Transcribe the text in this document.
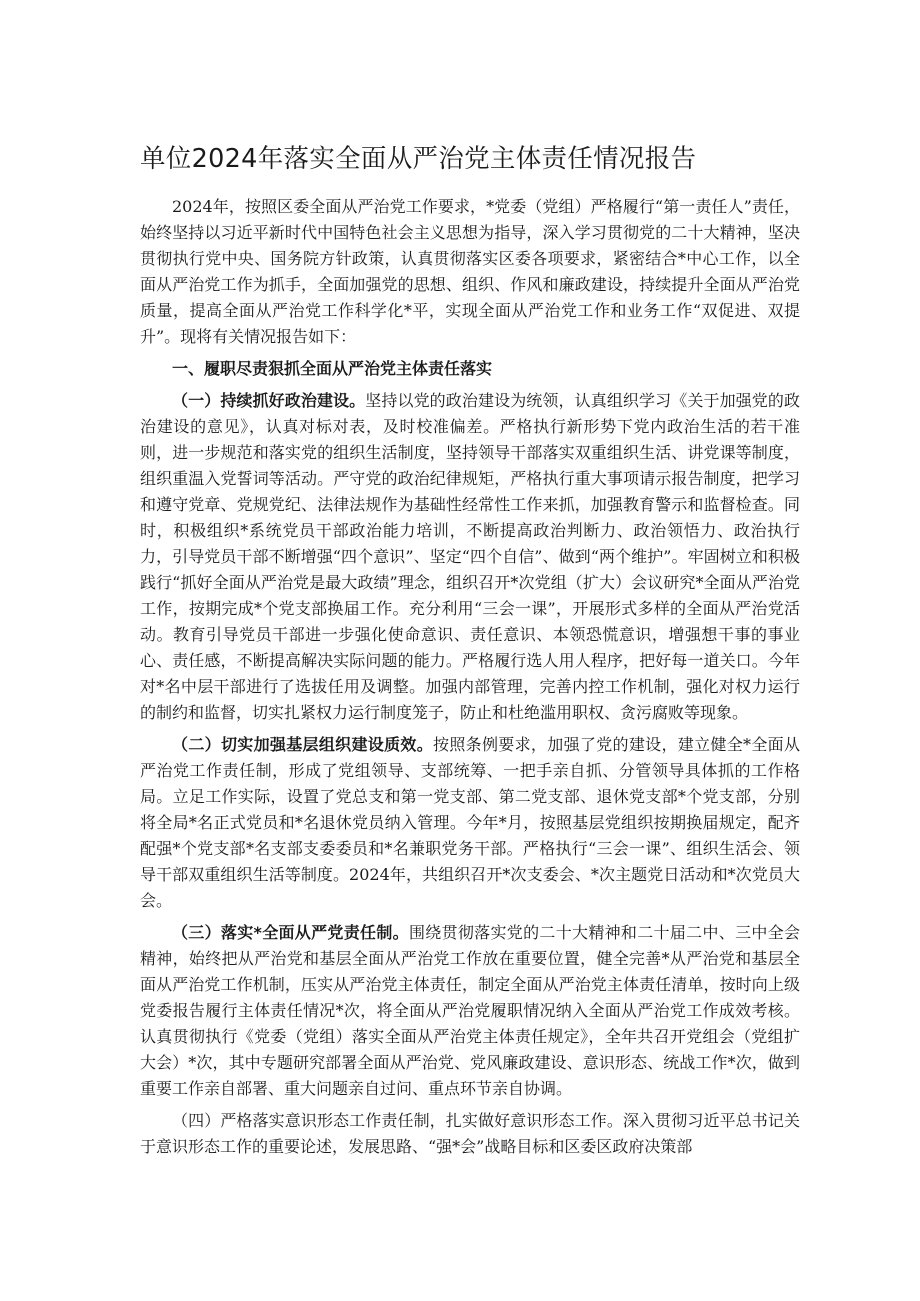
单位2024年落实全面从严治党主体责任情况报告

2024年，按照区委全面从严治党工作要求，*党委（党组）严格履行“第一责任人”责任，始终坚持以习近平新时代中国特色社会主义思想为指导，深入学习贯彻党的二十大精神，坚决贯彻执行党中央、国务院方针政策，认真贯彻落实区委各项要求，紧密结合*中心工作，以全面从严治党工作为抓手，全面加强党的思想、组织、作风和廉政建设，持续提升全面从严治党质量，提高全面从严治党工作科学化*平，实现全面从严治党工作和业务工作“双促进、双提升”。现将有关情况报告如下：

一、履职尽责狠抓全面从严治党主体责任落实

（一）持续抓好政治建设。坚持以党的政治建设为统领，认真组织学习《关于加强党的政治建设的意见》，认真对标对表，及时校准偏差。严格执行新形势下党内政治生活的若干准则，进一步规范和落实党的组织生活制度，坚持领导干部落实双重组织生活、讲党课等制度，组织重温入党誓词等活动。严守党的政治纪律规矩，严格执行重大事项请示报告制度，把学习和遵守党章、党规党纪、法律法规作为基础性经常性工作来抓，加强教育警示和监督检查。同时，积极组织*系统党员干部政治能力培训，不断提高政治判断力、政治领悟力、政治执行力，引导党员干部不断增强“四个意识”、坚定“四个自信”、做到“两个维护”。牢固树立和积极践行“抓好全面从严治党是最大政绩”理念，组织召开*次党组（扩大）会议研究*全面从严治党工作，按期完成*个党支部换届工作。充分利用“三会一课”，开展形式多样的全面从严治党活动。教育引导党员干部进一步强化使命意识、责任意识、本领恐慌意识，增强想干事的事业心、责任感，不断提高解决实际问题的能力。严格履行选人用人程序，把好每一道关口。今年对*名中层干部进行了选拔任用及调整。加强内部管理，完善内控工作机制，强化对权力运行的制约和监督，切实扎紧权力运行制度笼子，防止和杜绝滥用职权、贪污腐败等现象。

（二）切实加强基层组织建设质效。按照条例要求，加强了党的建设，建立健全*全面从严治党工作责任制，形成了党组领导、支部统筹、一把手亲自抓、分管领导具体抓的工作格局。立足工作实际，设置了党总支和第一党支部、第二党支部、退休党支部*个党支部，分别将全局*名正式党员和*名退休党员纳入管理。今年*月，按照基层党组织按期换届规定，配齐配强*个党支部*名支部支委委员和*名兼职党务干部。严格执行“三会一课”、组织生活会、领导干部双重组织生活等制度。2024年，共组织召开*次支委会、*次主题党日活动和*次党员大会。

（三）落实*全面从严党责任制。围绕贯彻落实党的二十大精神和二十届二中、三中全会精神，始终把从严治党和基层全面从严治党工作放在重要位置，健全完善*从严治党和基层全面从严治党工作机制，压实从严治党主体责任，制定全面从严治党主体责任清单，按时向上级党委报告履行主体责任情况*次，将全面从严治党履职情况纳入全面从严治党工作成效考核。认真贯彻执行《党委（党组）落实全面从严治党主体责任规定》，全年共召开党组会（党组扩大会）*次，其中专题研究部署全面从严治党、党风廉政建设、意识形态、统战工作*次，做到重要工作亲自部署、重大问题亲自过问、重点环节亲自协调。

（四）严格落实意识形态工作责任制，扎实做好意识形态工作。深入贯彻习近平总书记关于意识形态工作的重要论述，发展思路、“强*会”战略目标和区委区政府决策部
